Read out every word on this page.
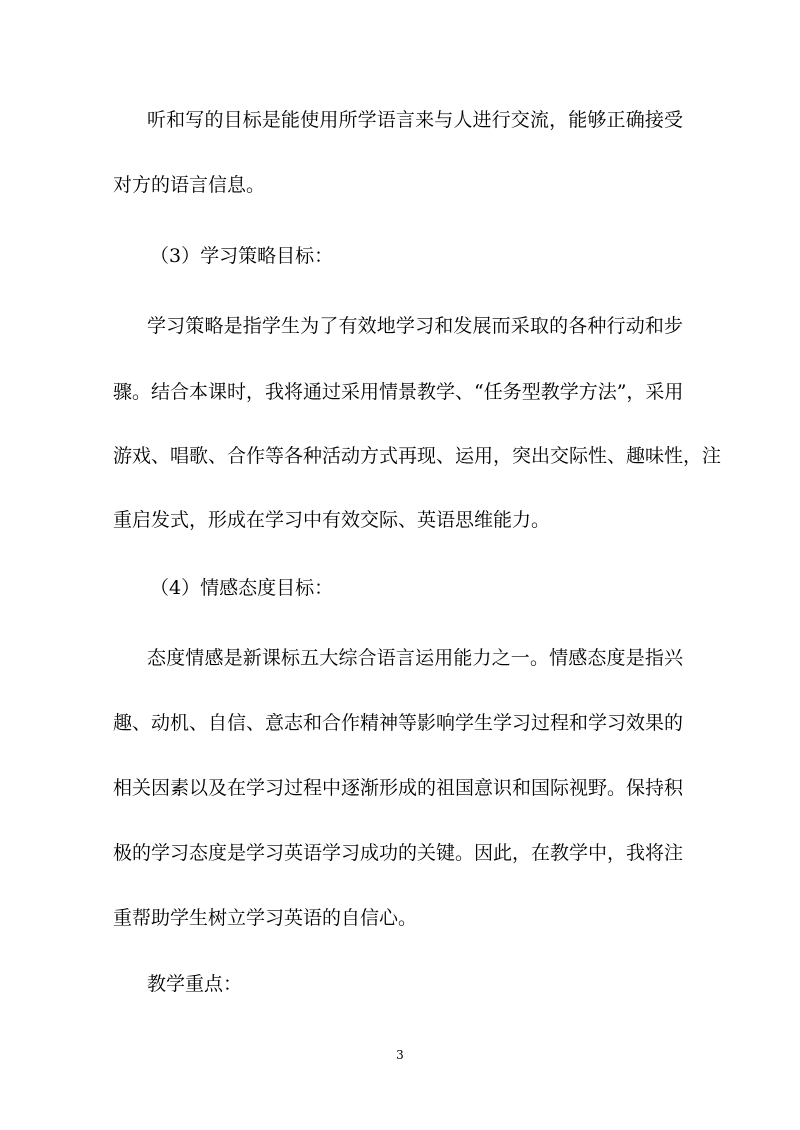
听和写的目标是能使用所学语言来与人进行交流，能够正确接受
对方的语言信息。
（3）学习策略目标：
学习策略是指学生为了有效地学习和发展而采取的各种行动和步
骤。结合本课时，我将通过采用情景教学、“任务型教学方法”，采用
游戏、唱歌、合作等各种活动方式再现、运用，突出交际性、趣味性，注
重启发式，形成在学习中有效交际、英语思维能力。
（4）情感态度目标：
态度情感是新课标五大综合语言运用能力之一。情感态度是指兴
趣、动机、自信、意志和合作精神等影响学生学习过程和学习效果的
相关因素以及在学习过程中逐渐形成的祖国意识和国际视野。保持积
极的学习态度是学习英语学习成功的关键。因此，在教学中，我将注
重帮助学生树立学习英语的自信心。
教学重点：
3
